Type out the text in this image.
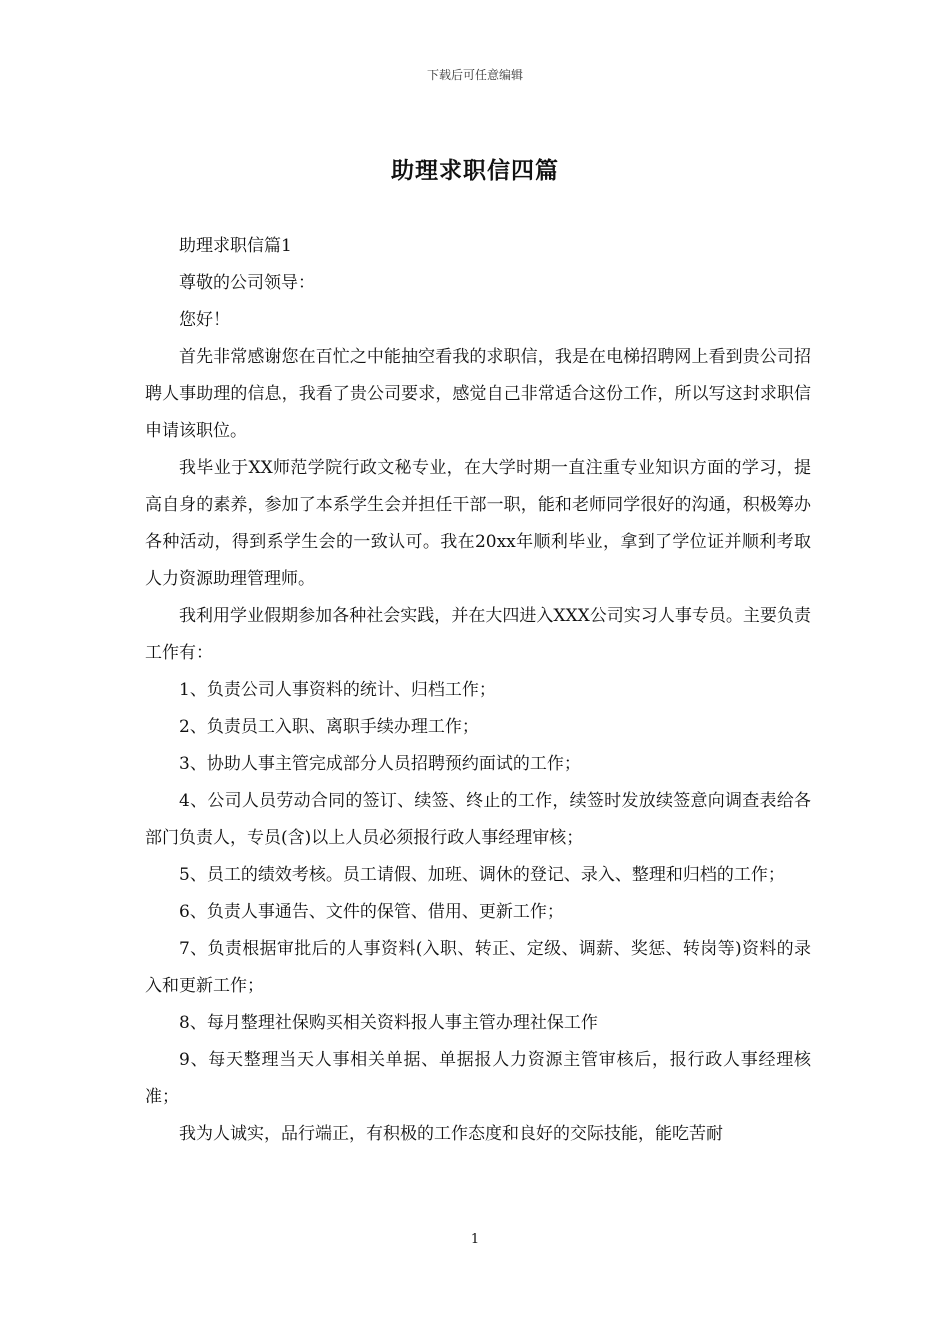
下载后可任意编辑
助理求职信四篇

助理求职信篇1

尊敬的公司领导：

您好！

首先非常感谢您在百忙之中能抽空看我的求职信，我是在电梯招聘网上看到贵公司招聘人事助理的信息，我看了贵公司要求，感觉自己非常适合这份工作，所以写这封求职信申请该职位。

我毕业于XX师范学院行政文秘专业，在大学时期一直注重专业知识方面的学习，提高自身的素养，参加了本系学生会并担任干部一职，能和老师同学很好的沟通，积极筹办各种活动，得到系学生会的一致认可。我在20xx年顺利毕业，拿到了学位证并顺利考取人力资源助理管理师。

我利用学业假期参加各种社会实践，并在大四进入XXX公司实习人事专员。主要负责工作有：

1、负责公司人事资料的统计、归档工作；

2、负责员工入职、离职手续办理工作；

3、协助人事主管完成部分人员招聘预约面试的工作；

4、公司人员劳动合同的签订、续签、终止的工作，续签时发放续签意向调查表给各部门负责人，专员(含)以上人员必须报行政人事经理审核；

5、员工的绩效考核。员工请假、加班、调休的登记、录入、整理和归档的工作；

6、负责人事通告、文件的保管、借用、更新工作；

7、负责根据审批后的人事资料(入职、转正、定级、调薪、奖惩、转岗等)资料的录入和更新工作；

8、每月整理社保购买相关资料报人事主管办理社保工作

9、每天整理当天人事相关单据、单据报人力资源主管审核后，报行政人事经理核准；

我为人诚实，品行端正，有积极的工作态度和良好的交际技能，能吃苦耐

1
